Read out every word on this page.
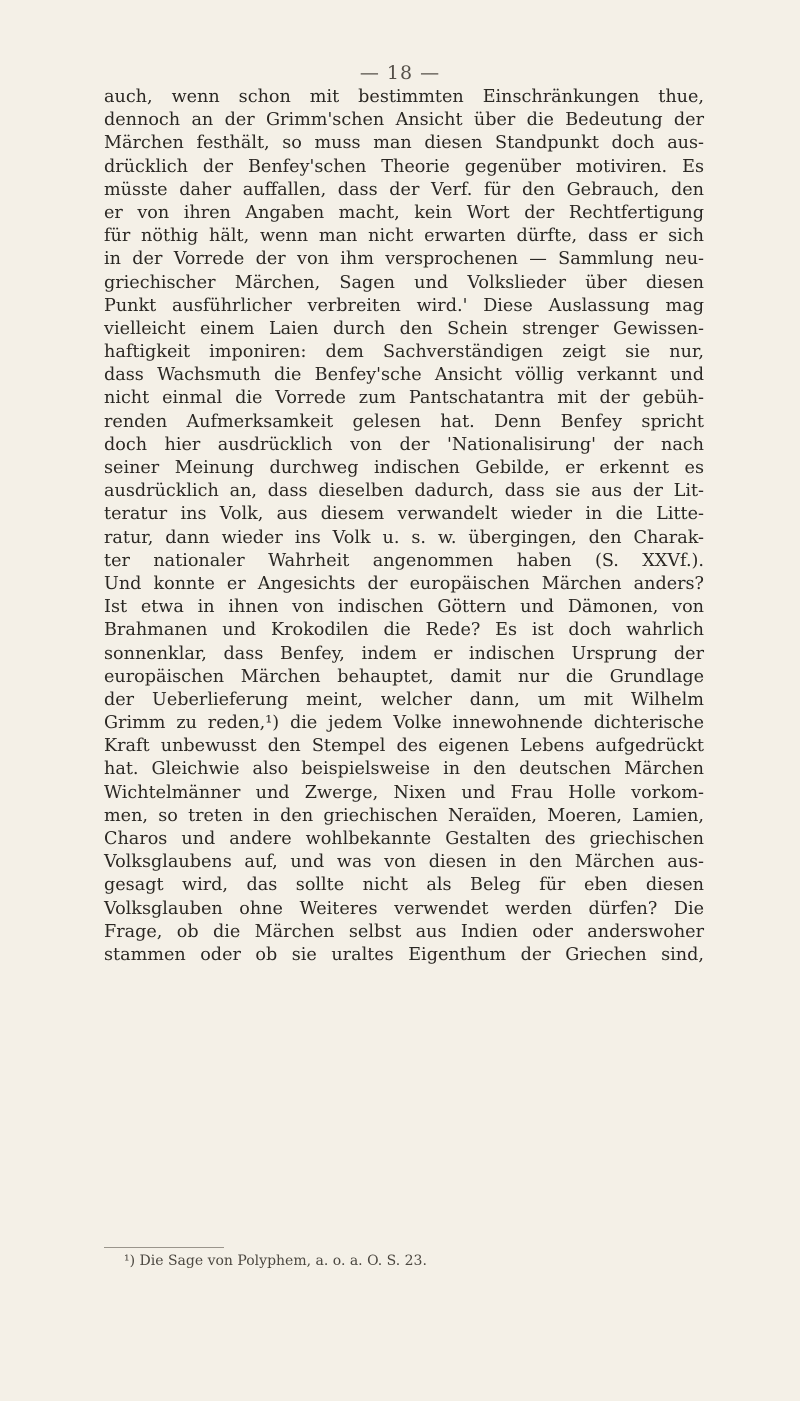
— 18 —
auch, wenn schon mit bestimmten Einschränkungen thue,
dennoch an der Grimm'schen Ansicht über die Bedeutung der
Märchen festhält, so muss man diesen Standpunkt doch aus-
drücklich der Benfey'schen Theorie gegenüber motiviren. Es
müsste daher auffallen, dass der Verf. für den Gebrauch, den
er von ihren Angaben macht, kein Wort der Rechtfertigung
für nöthig hält, wenn man nicht erwarten dürfte, dass er sich
in der Vorrede der von ihm versprochenen — Sammlung neu-
griechischer Märchen, Sagen und Volkslieder über diesen
Punkt ausführlicher verbreiten wird.' Diese Auslassung mag
vielleicht einem Laien durch den Schein strenger Gewissen-
haftigkeit imponiren: dem Sachverständigen zeigt sie nur,
dass Wachsmuth die Benfey'sche Ansicht völlig verkannt und
nicht einmal die Vorrede zum Pantschatantra mit der gebüh-
renden Aufmerksamkeit gelesen hat. Denn Benfey spricht
doch hier ausdrücklich von der 'Nationalisirung' der nach
seiner Meinung durchweg indischen Gebilde, er erkennt es
ausdrücklich an, dass dieselben dadurch, dass sie aus der Lit-
teratur ins Volk, aus diesem verwandelt wieder in die Litte-
ratur, dann wieder ins Volk u. s. w. übergingen, den Charak-
ter nationaler Wahrheit angenommen haben (S. XXVf.).
Und konnte er Angesichts der europäischen Märchen anders?
Ist etwa in ihnen von indischen Göttern und Dämonen, von
Brahmanen und Krokodilen die Rede? Es ist doch wahrlich
sonnenklar, dass Benfey, indem er indischen Ursprung der
europäischen Märchen behauptet, damit nur die Grundlage
der Ueberlieferung meint, welcher dann, um mit Wilhelm
Grimm zu reden,¹) die jedem Volke innewohnende dichterische
Kraft unbewusst den Stempel des eigenen Lebens aufgedrückt
hat. Gleichwie also beispielsweise in den deutschen Märchen
Wichtelmänner und Zwerge, Nixen und Frau Holle vorkom-
men, so treten in den griechischen Neraïden, Moeren, Lamien,
Charos und andere wohlbekannte Gestalten des griechischen
Volksglaubens auf, und was von diesen in den Märchen aus-
gesagt wird, das sollte nicht als Beleg für eben diesen
Volksglauben ohne Weiteres verwendet werden dürfen? Die
Frage, ob die Märchen selbst aus Indien oder anderswoher
stammen oder ob sie uraltes Eigenthum der Griechen sind,
¹) Die Sage von Polyphem, a. o. a. O. S. 23.
